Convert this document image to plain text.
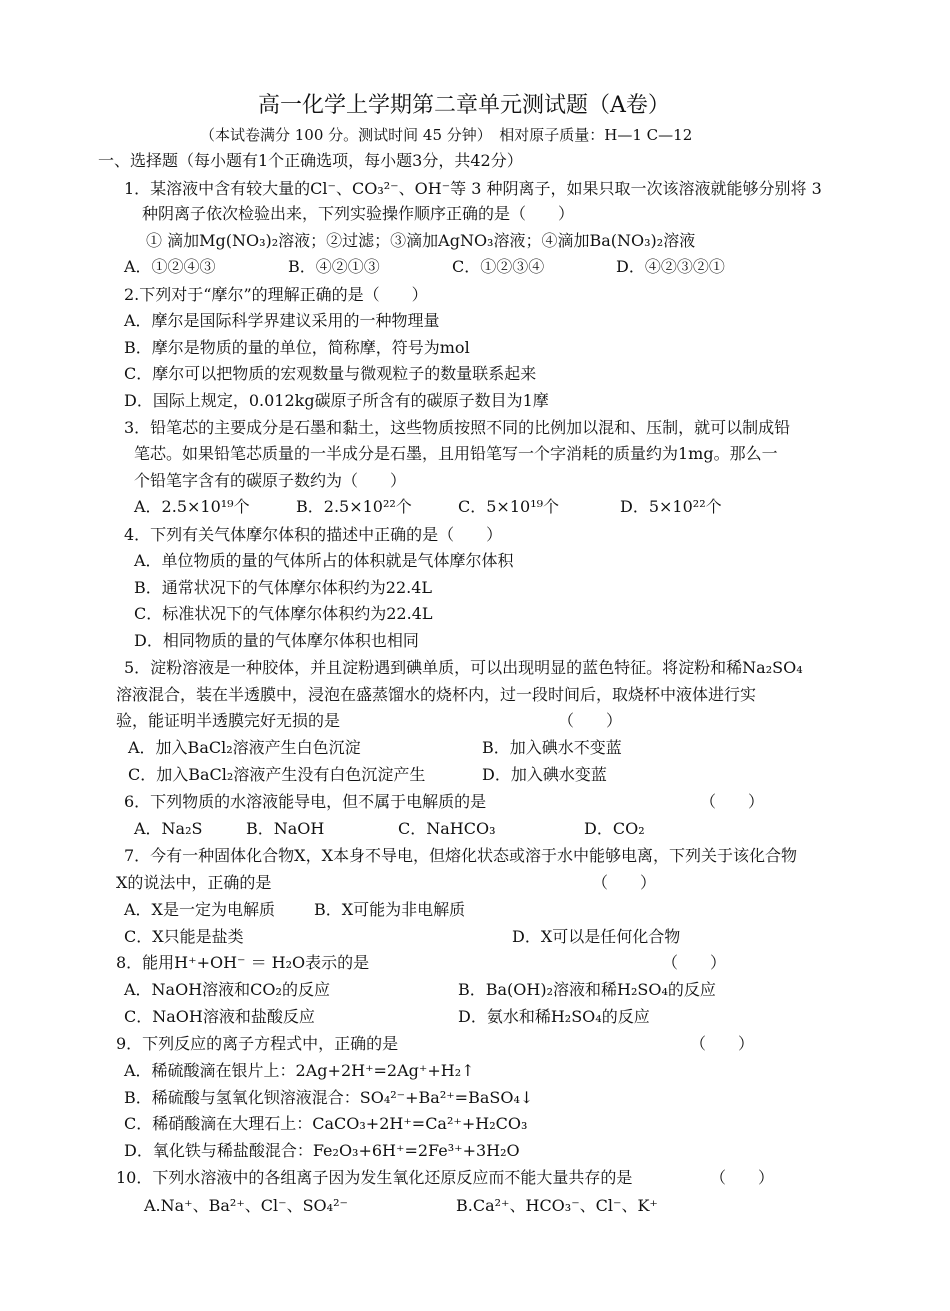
高一化学上学期第二章单元测试题（A卷）
（本试卷满分 100 分。测试时间 45 分钟）　相对原子质量：H—1 C—12
一、选择题（每小题有1个正确选项，每小题3分，共42分）
1．某溶液中含有较大量的Cl⁻、CO₃²⁻、OH⁻等 3 种阴离子，如果只取一次该溶液就能够分别将 3
种阴离子依次检验出来，下列实验操作顺序正确的是（　　）
① 滴加Mg(NO₃)₂溶液；②过滤；③滴加AgNO₃溶液；④滴加Ba(NO₃)₂溶液
A．①②④③	B．④②①③	C．①②③④	D．④②③②①
2.下列对于“摩尔”的理解正确的是（　　）
A．摩尔是国际科学界建议采用的一种物理量
B．摩尔是物质的量的单位，简称摩，符号为mol
C．摩尔可以把物质的宏观数量与微观粒子的数量联系起来
D．国际上规定，0.012kg碳原子所含有的碳原子数目为1摩
3．铅笔芯的主要成分是石墨和黏土，这些物质按照不同的比例加以混和、压制，就可以制成铅
笔芯。如果铅笔芯质量的一半成分是石墨，且用铅笔写一个字消耗的质量约为1mg。那么一
个铅笔字含有的碳原子数约为（　　）
A．2.5×10¹⁹个	B．2.5×10²²个	C．5×10¹⁹个	D．5×10²²个
4．下列有关气体摩尔体积的描述中正确的是（　　）
A．单位物质的量的气体所占的体积就是气体摩尔体积
B．通常状况下的气体摩尔体积约为22.4L
C．标准状况下的气体摩尔体积约为22.4L
D．相同物质的量的气体摩尔体积也相同
5．淀粉溶液是一种胶体，并且淀粉遇到碘单质，可以出现明显的蓝色特征。将淀粉和稀Na₂SO₄
溶液混合，装在半透膜中，浸泡在盛蒸馏水的烧杯内，过一段时间后，取烧杯中液体进行实
验，能证明半透膜完好无损的是	（　　）
A．加入BaCl₂溶液产生白色沉淀	B．加入碘水不变蓝
C．加入BaCl₂溶液产生没有白色沉淀产生	D．加入碘水变蓝
6．下列物质的水溶液能导电，但不属于电解质的是	（　　）
A．Na₂S	B．NaOH	C．NaHCO₃	D．CO₂
7．今有一种固体化合物X，X本身不导电，但熔化状态或溶于水中能够电离，下列关于该化合物
X的说法中，正确的是	（　　）
A．X是一定为电解质 B．X可能为非电解质
C．X只能是盐类	D．X可以是任何化合物
8．能用H⁺+OH⁻ ＝ H₂O表示的是	（　　）
A．NaOH溶液和CO₂的反应	B．Ba(OH)₂溶液和稀H₂SO₄的反应
C．NaOH溶液和盐酸反应	D．氨水和稀H₂SO₄的反应
9．下列反应的离子方程式中，正确的是	（　　）
A．稀硫酸滴在银片上：2Ag+2H⁺=2Ag⁺+H₂↑
B．稀硫酸与氢氧化钡溶液混合：SO₄²⁻+Ba²⁺=BaSO₄↓
C．稀硝酸滴在大理石上：CaCO₃+2H⁺=Ca²⁺+H₂CO₃
D．氧化铁与稀盐酸混合：Fe₂O₃+6H⁺=2Fe³⁺+3H₂O
10．下列水溶液中的各组离子因为发生氧化还原反应而不能大量共存的是	（　　）
A.Na⁺、Ba²⁺、Cl⁻、SO₄²⁻	B.Ca²⁺、HCO₃⁻、Cl⁻、K⁺
